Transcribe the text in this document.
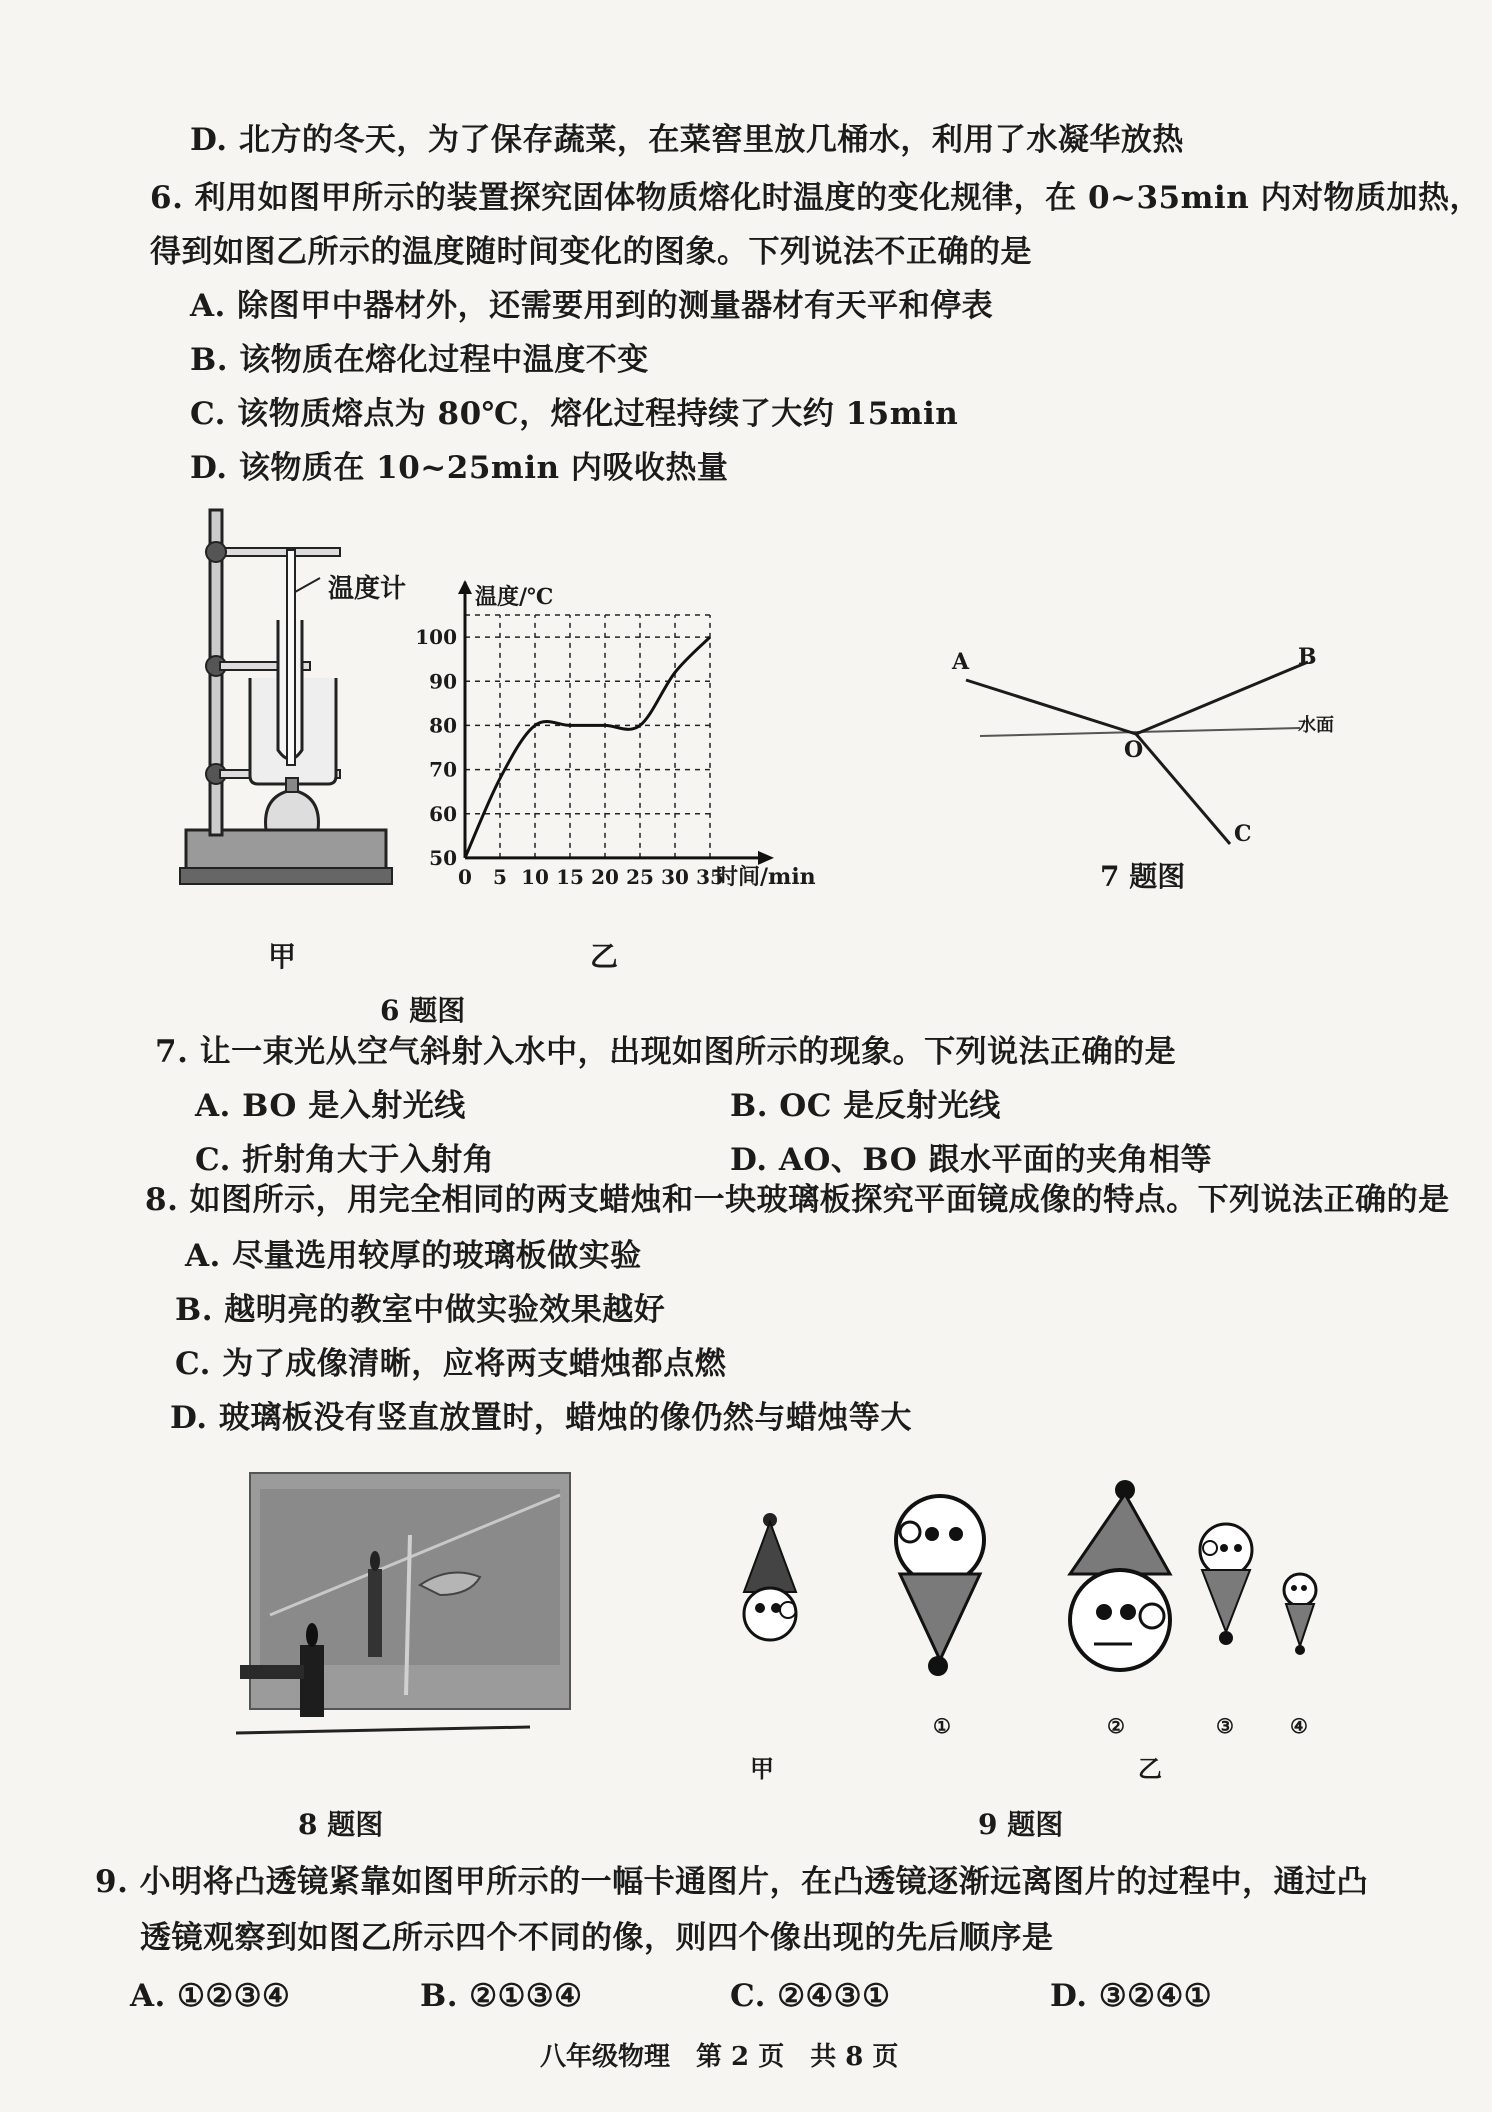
D. 北方的冬天，为了保存蔬菜，在菜窖里放几桶水，利用了水凝华放热
6. 利用如图甲所示的装置探究固体物质熔化时温度的变化规律，在 0~35min 内对物质加热，
得到如图乙所示的温度随时间变化的图象。下列说法不正确的是
A. 除图甲中器材外，还需要用到的测量器材有天平和停表
B. 该物质在熔化过程中温度不变
C. 该物质熔点为 80℃，熔化过程持续了大约 15min
D. 该物质在 10~25min 内吸收热量
温度计
甲
0 5 10 15 20 25 30 35
50
60
70
80
90
100
温度/℃
时间/min
乙
6 题图
A	B
O
C
水面
7 题图
7. 让一束光从空气斜射入水中，出现如图所示的现象。下列说法正确的是
A. BO 是入射光线	B. OC 是反射光线
C. 折射角大于入射角	D. AO、BO 跟水平面的夹角相等
8. 如图所示，用完全相同的两支蜡烛和一块玻璃板探究平面镜成像的特点。下列说法正确的是
A. 尽量选用较厚的玻璃板做实验
B. 越明亮的教室中做实验效果越好
C. 为了成像清晰，应将两支蜡烛都点燃
D. 玻璃板没有竖直放置时，蜡烛的像仍然与蜡烛等大
8 题图
①	②	③	④
甲	乙
9 题图
9. 小明将凸透镜紧靠如图甲所示的一幅卡通图片，在凸透镜逐渐远离图片的过程中，通过凸
透镜观察到如图乙所示四个不同的像，则四个像出现的先后顺序是
A. ①②③④	B. ②①③④	C. ②④③①	D. ③②④①
八年级物理　第 2 页　共 8 页
